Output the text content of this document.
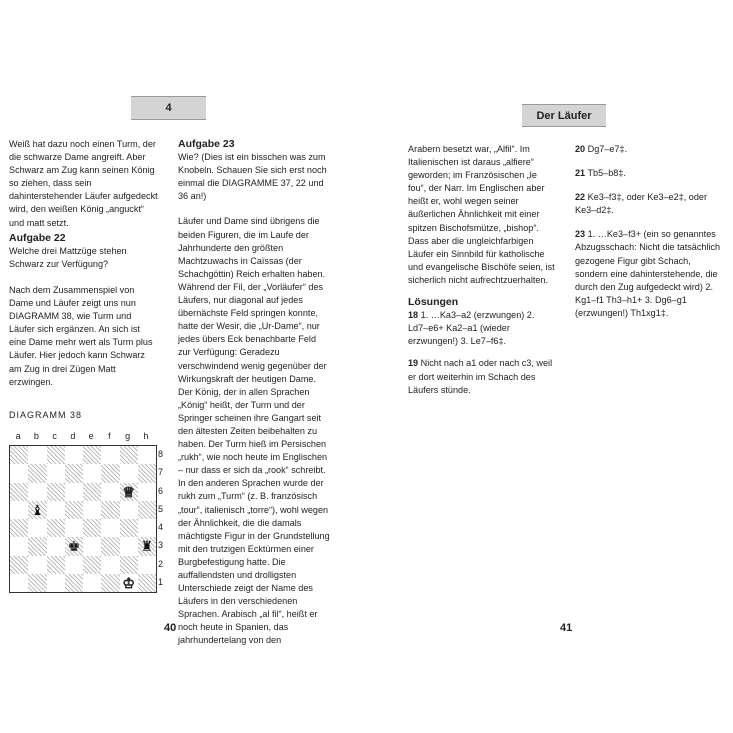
4

Weiß hat dazu noch einen Turm, der die schwarze Dame angreift. Aber Schwarz am Zug kann seinen König so ziehen, dass sein dahinterstehender Läufer aufgedeckt wird, den weißen König „anguckt“ und matt setzt.

Aufgabe 22

Welche drei Mattzüge stehen Schwarz zur Verfügung?

Nach dem Zusammenspiel von Dame und Läufer zeigt uns nun DIAGRAMM 38, wie Turm und Läufer sich ergänzen. An sich ist eine Dame mehr wert als Turm plus Läufer. Hier jedoch kann Schwarz am Zug in drei Zügen Matt erzwingen.

DIAGRAMM 38
a	b	c	d	e	f	g	h
♕
♝
♚	♜
♔
8
7
6
5
4
3
2
1
Aufgabe 23

Wie? (Dies ist ein bisschen was zum Knobeln. Schauen Sie sich erst noch einmal die DIAGRAMME 37, 22 und 36 an!)

Läufer und Dame sind übrigens die beiden Figuren, die im Laufe der Jahrhunderte den größten Machtzuwachs in Caïssas (der Schachgöttin) Reich erhalten haben. Während der Fil, der „Vorläufer“ des Läufers, nur diagonal auf jedes übernächste Feld springen konnte, hatte der Wesir, die „Ur-Dame“, nur jedes übers Eck benachbarte Feld zur Verfügung: Geradezu verschwindend wenig gegenüber der Wirkungskraft der heutigen Dame.

Der König, der in allen Sprachen „König“ heißt, der Turm und der Springer scheinen ihre Gangart seit den ältesten Zeiten beibehalten zu haben. Der Turm hieß im Persischen „rukh“, wie noch heute im Englischen – nur dass er sich da „rook“ schreibt. In den anderen Sprachen wurde der rukh zum „Turm“ (z. B. französisch „tour“, italienisch „torre“), wohl wegen der Ähnlichkeit, die die damals mächtigste Figur in der Grundstellung mit den trutzigen Ecktürmen einer Burgbefestigung hatte. Die auffallendsten und drolligsten Unterschiede zeigt der Name des Läufers in den verschiedenen Sprachen. Arabisch „al fil“, heißt er noch heute in Spanien, das jahrhundertelang von den

40
Der Läufer

Arabern besetzt war, „Alfil“. Im Italienischen ist daraus „alfiere“ geworden; im Französischen „le fou“, der Narr. Im Englischen aber heißt er, wohl wegen seiner äußerlichen Ähnlichkeit mit einer spitzen Bischofsmütze, „bishop“. Dass aber die ungleichfarbigen Läufer ein Sinnbild für katholische und evangelische Bischöfe seien, ist sicherlich nicht aufrechtzuerhalten.

Lösungen

18 1. …Ka3–a2 (erzwungen) 2. Ld7–e6+ Ka2–a1 (wieder erzwungen!) 3. Le7–f6‡.

19 Nicht nach a1 oder nach c3, weil er dort weiterhin im Schach des Läufers stünde.

20 Dg7–e7‡.

21 Tb5–b8‡.

22 Ke3–f3‡, oder Ke3–e2‡, oder Ke3–d2‡.

23 1. …Ke3–f3+ (ein so genanntes Abzugsschach: Nicht die tatsächlich gezogene Figur gibt Schach, sondern eine dahinterstehende, die durch den Zug aufgedeckt wird) 2. Kg1–f1 Th3–h1+ 3. Dg6–g1 (erzwungen!) Th1xg1‡.

41
